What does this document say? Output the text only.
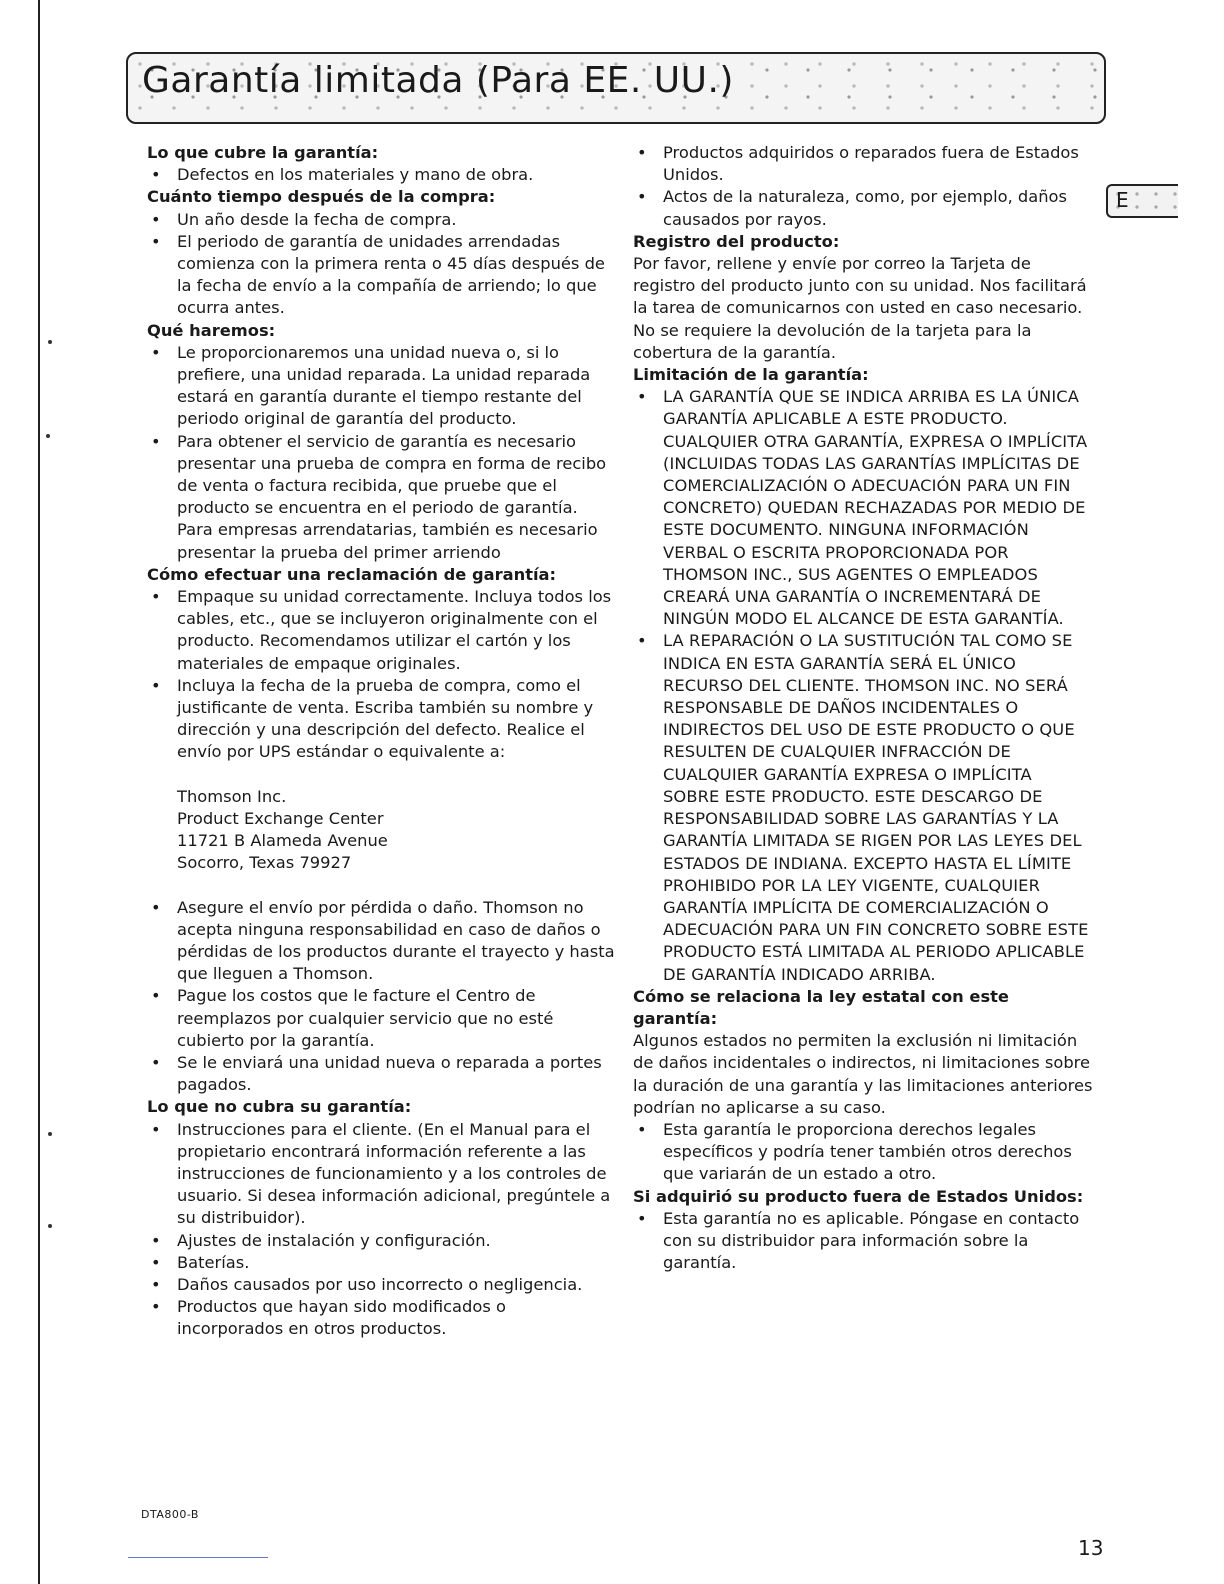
Garantía limitada (Para EE. UU.)
E
Lo que cubre la garantía:
• Defectos en los materiales y mano de obra.
Cuánto tiempo después de la compra:
• Un año desde la fecha de compra.
• El periodo de garantía de unidades arrendadas comienza con la primera renta o 45 días después de la fecha de envío a la compañía de arriendo; lo que ocurra antes.
Qué haremos:
• Le proporcionaremos una unidad nueva o, si lo prefiere, una unidad reparada. La unidad reparada estará en garantía durante el tiempo restante del periodo original de garantía del producto.
• Para obtener el servicio de garantía es necesario presentar una prueba de compra en forma de recibo de venta o factura recibida, que pruebe que el producto se encuentra en el periodo de garantía. Para empresas arrendatarias, también es necesario presentar la prueba del primer arriendo
Cómo efectuar una reclamación de garantía:
• Empaque su unidad correctamente. Incluya todos los cables, etc., que se incluyeron originalmente con el producto. Recomendamos utilizar el cartón y los materiales de empaque originales.
• Incluya la fecha de la prueba de compra, como el justificante de venta. Escriba también su nombre y dirección y una descripción del defecto. Realice el envío por UPS estándar o equivalente a:
Thomson Inc.
Product Exchange Center
11721 B Alameda Avenue
Socorro, Texas 79927
• Asegure el envío por pérdida o daño. Thomson no acepta ninguna responsabilidad en caso de daños o pérdidas de los productos durante el trayecto y hasta que lleguen a Thomson.
• Pague los costos que le facture el Centro de reemplazos por cualquier servicio que no esté cubierto por la garantía.
• Se le enviará una unidad nueva o reparada a portes pagados.
Lo que no cubra su garantía:
• Instrucciones para el cliente. (En el Manual para el propietario encontrará información referente a las instrucciones de funcionamiento y a los controles de usuario. Si desea información adicional, pregúntele a su distribuidor).
• Ajustes de instalación y configuración.
• Baterías.
• Daños causados por uso incorrecto o negligencia.
• Productos que hayan sido modificados o incorporados en otros productos.
• Productos adquiridos o reparados fuera de Estados Unidos.
• Actos de la naturaleza, como, por ejemplo, daños causados por rayos.
Registro del producto:
Por favor, rellene y envíe por correo la Tarjeta de registro del producto junto con su unidad. Nos facilitará la tarea de comunicarnos con usted en caso necesario. No se requiere la devolución de la tarjeta para la cobertura de la garantía.
Limitación de la garantía:
• LA GARANTÍA QUE SE INDICA ARRIBA ES LA ÚNICA GARANTÍA APLICABLE A ESTE PRODUCTO. CUALQUIER OTRA GARANTÍA, EXPRESA O IMPLÍCITA (INCLUIDAS TODAS LAS GARANTÍAS IMPLÍCITAS DE COMERCIALIZACIÓN O ADECUACIÓN PARA UN FIN CONCRETO) QUEDAN RECHAZADAS POR MEDIO DE ESTE DOCUMENTO. NINGUNA INFORMACIÓN VERBAL O ESCRITA PROPORCIONADA POR THOMSON INC., SUS AGENTES O EMPLEADOS CREARÁ UNA GARANTÍA O INCREMENTARÁ DE NINGÚN MODO EL ALCANCE DE ESTA GARANTÍA.
• LA REPARACIÓN O LA SUSTITUCIÓN TAL COMO SE INDICA EN ESTA GARANTÍA SERÁ EL ÚNICO RECURSO DEL CLIENTE. THOMSON INC. NO SERÁ RESPONSABLE DE DAÑOS INCIDENTALES O INDIRECTOS DEL USO DE ESTE PRODUCTO O QUE RESULTEN DE CUALQUIER INFRACCIÓN DE CUALQUIER GARANTÍA EXPRESA O IMPLÍCITA SOBRE ESTE PRODUCTO. ESTE DESCARGO DE RESPONSABILIDAD SOBRE LAS GARANTÍAS Y LA GARANTÍA LIMITADA SE RIGEN POR LAS LEYES DEL ESTADOS DE INDIANA. EXCEPTO HASTA EL LÍMITE PROHIBIDO POR LA LEY VIGENTE, CUALQUIER GARANTÍA IMPLÍCITA DE COMERCIALIZACIÓN O ADECUACIÓN PARA UN FIN CONCRETO SOBRE ESTE PRODUCTO ESTÁ LIMITADA AL PERIODO APLICABLE DE GARANTÍA INDICADO ARRIBA.
Cómo se relaciona la ley estatal con este garantía:
Algunos estados no permiten la exclusión ni limitación de daños incidentales o indirectos, ni limitaciones sobre la duración de una garantía y las limitaciones anteriores podrían no aplicarse a su caso.
• Esta garantía le proporciona derechos legales específicos y podría tener también otros derechos que variarán de un estado a otro.
Si adquirió su producto fuera de Estados Unidos:
• Esta garantía no es aplicable. Póngase en contacto con su distribuidor para información sobre la garantía.
DTA800-B
13
